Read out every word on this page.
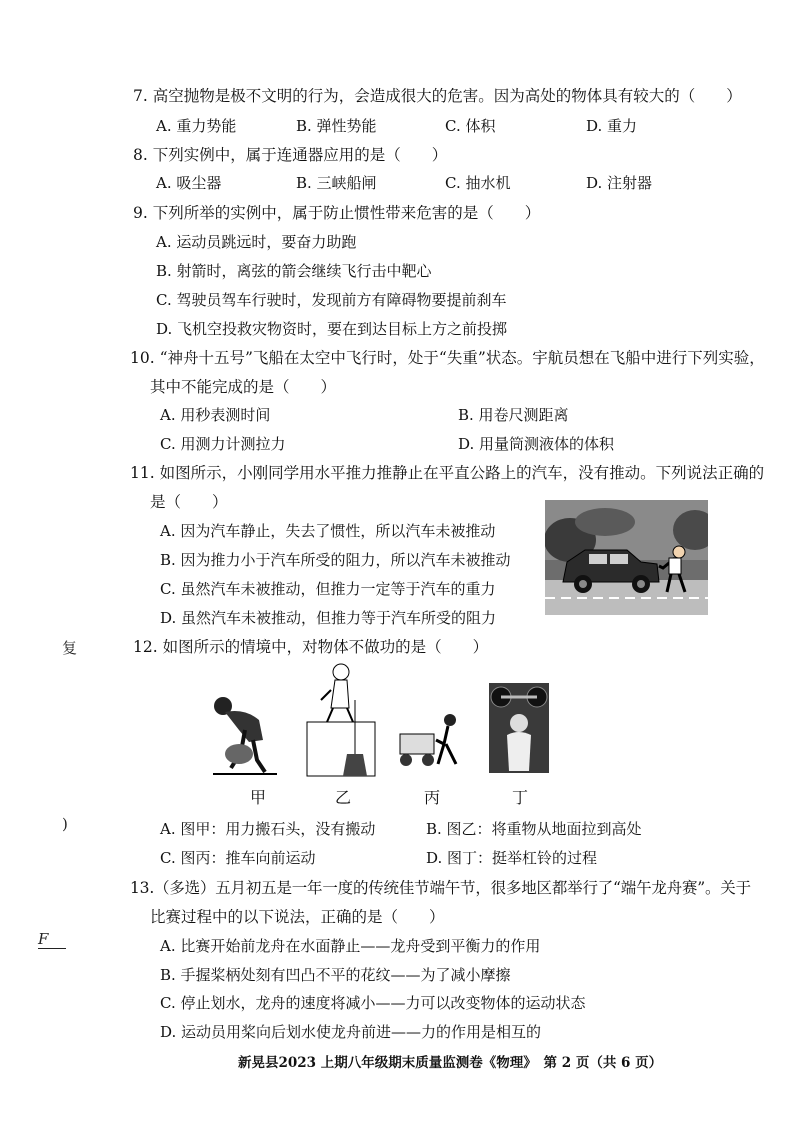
复
)
F
7. 高空抛物是极不文明的行为，会造成很大的危害。因为高处的物体具有较大的（　　）
A. 重力势能	B. 弹性势能	C. 体积	D. 重力
8. 下列实例中，属于连通器应用的是（　　）
A. 吸尘器	B. 三峡船闸	C. 抽水机	D. 注射器
9. 下列所举的实例中，属于防止惯性带来危害的是（　　）
A. 运动员跳远时，要奋力助跑
B. 射箭时，离弦的箭会继续飞行击中靶心
C. 驾驶员驾车行驶时，发现前方有障碍物要提前刹车
D. 飞机空投救灾物资时，要在到达目标上方之前投掷
10. “神舟十五号”飞船在太空中飞行时，处于“失重”状态。宇航员想在飞船中进行下列实验，
其中不能完成的是（　　）
A. 用秒表测时间	B. 用卷尺测距离
C. 用测力计测拉力	D. 用量筒测液体的体积
11. 如图所示，小刚同学用水平推力推静止在平直公路上的汽车，没有推动。下列说法正确的
是（　　）
A. 因为汽车静止，失去了惯性，所以汽车未被推动
B. 因为推力小于汽车所受的阻力，所以汽车未被推动
C. 虽然汽车未被推动，但推力一定等于汽车的重力
D. 虽然汽车未被推动，但推力等于汽车所受的阻力
12. 如图所示的情境中，对物体不做功的是（　　）
甲	乙	丙	丁
A. 图甲：用力搬石头，没有搬动	B. 图乙：将重物从地面拉到高处
C. 图丙：推车向前运动	D. 图丁：挺举杠铃的过程
13.（多选）五月初五是一年一度的传统佳节端午节，很多地区都举行了“端午龙舟赛”。关于
比赛过程中的以下说法，正确的是（　　）
A. 比赛开始前龙舟在水面静止——龙舟受到平衡力的作用
B. 手握桨柄处刻有凹凸不平的花纹——为了减小摩擦
C. 停止划水，龙舟的速度将减小——力可以改变物体的运动状态
D. 运动员用桨向后划水使龙舟前进——力的作用是相互的
新晃县2023 上期八年级期末质量监测卷《物理》　第 2 页（共 6 页）
